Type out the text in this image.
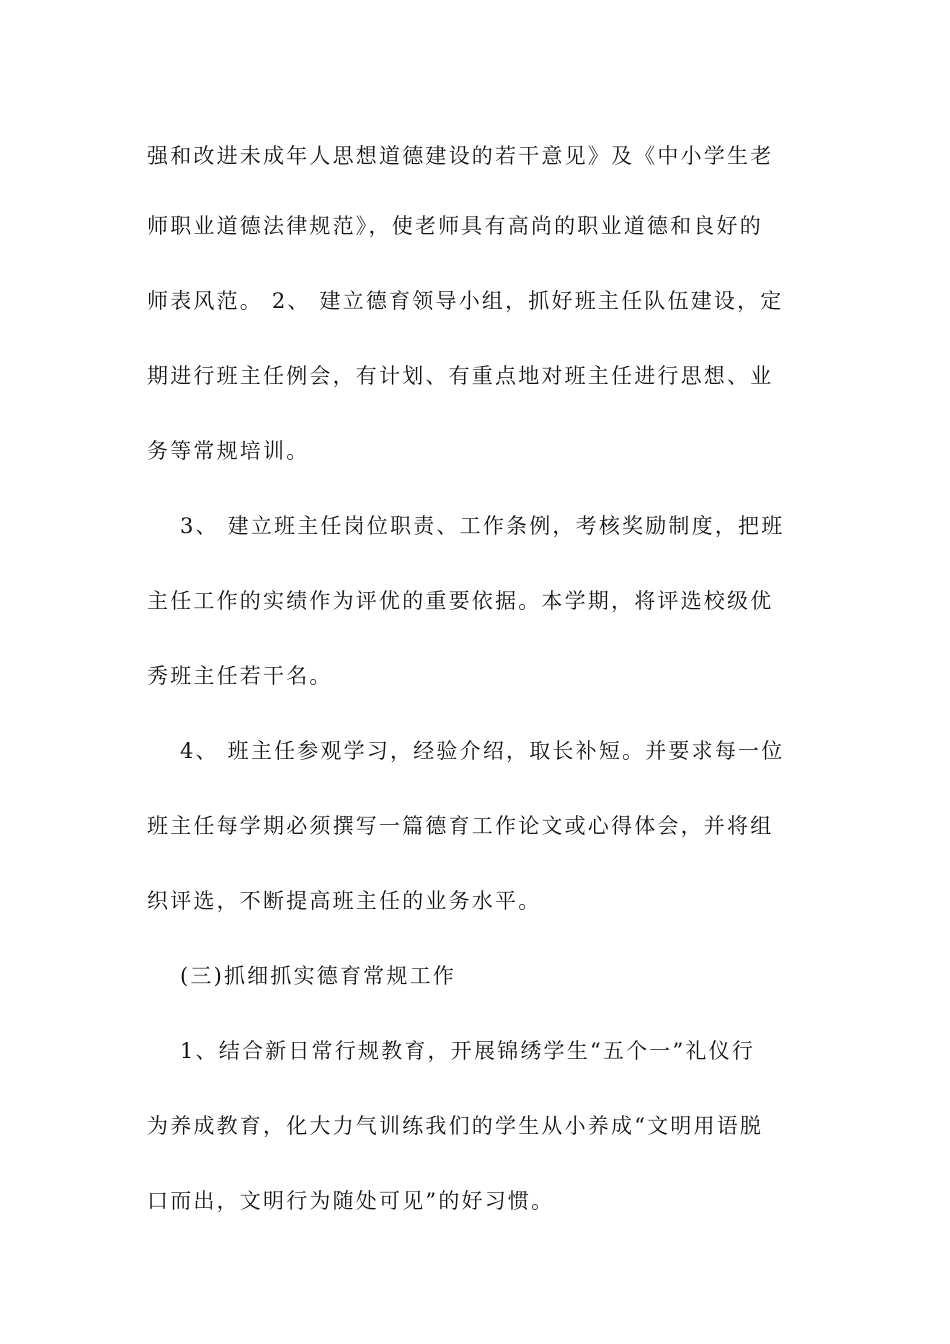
强和改进未成年人思想道德建设的若干意见》及《中小学生老
师职业道德法律规范》，使老师具有高尚的职业道德和良好的
师表风范。 2、 建立德育领导小组，抓好班主任队伍建设，定
期进行班主任例会，有计划、有重点地对班主任进行思想、业
务等常规培训。
3、 建立班主任岗位职责、工作条例，考核奖励制度，把班
主任工作的实绩作为评优的重要依据。本学期，将评选校级优
秀班主任若干名。
4、 班主任参观学习，经验介绍，取长补短。并要求每一位
班主任每学期必须撰写一篇德育工作论文或心得体会，并将组
织评选，不断提高班主任的业务水平。
(三)抓细抓实德育常规工作
1、结合新日常行规教育，开展锦绣学生“五个一”礼仪行
为养成教育，化大力气训练我们的学生从小养成“文明用语脱
口而出，文明行为随处可见”的好习惯。
